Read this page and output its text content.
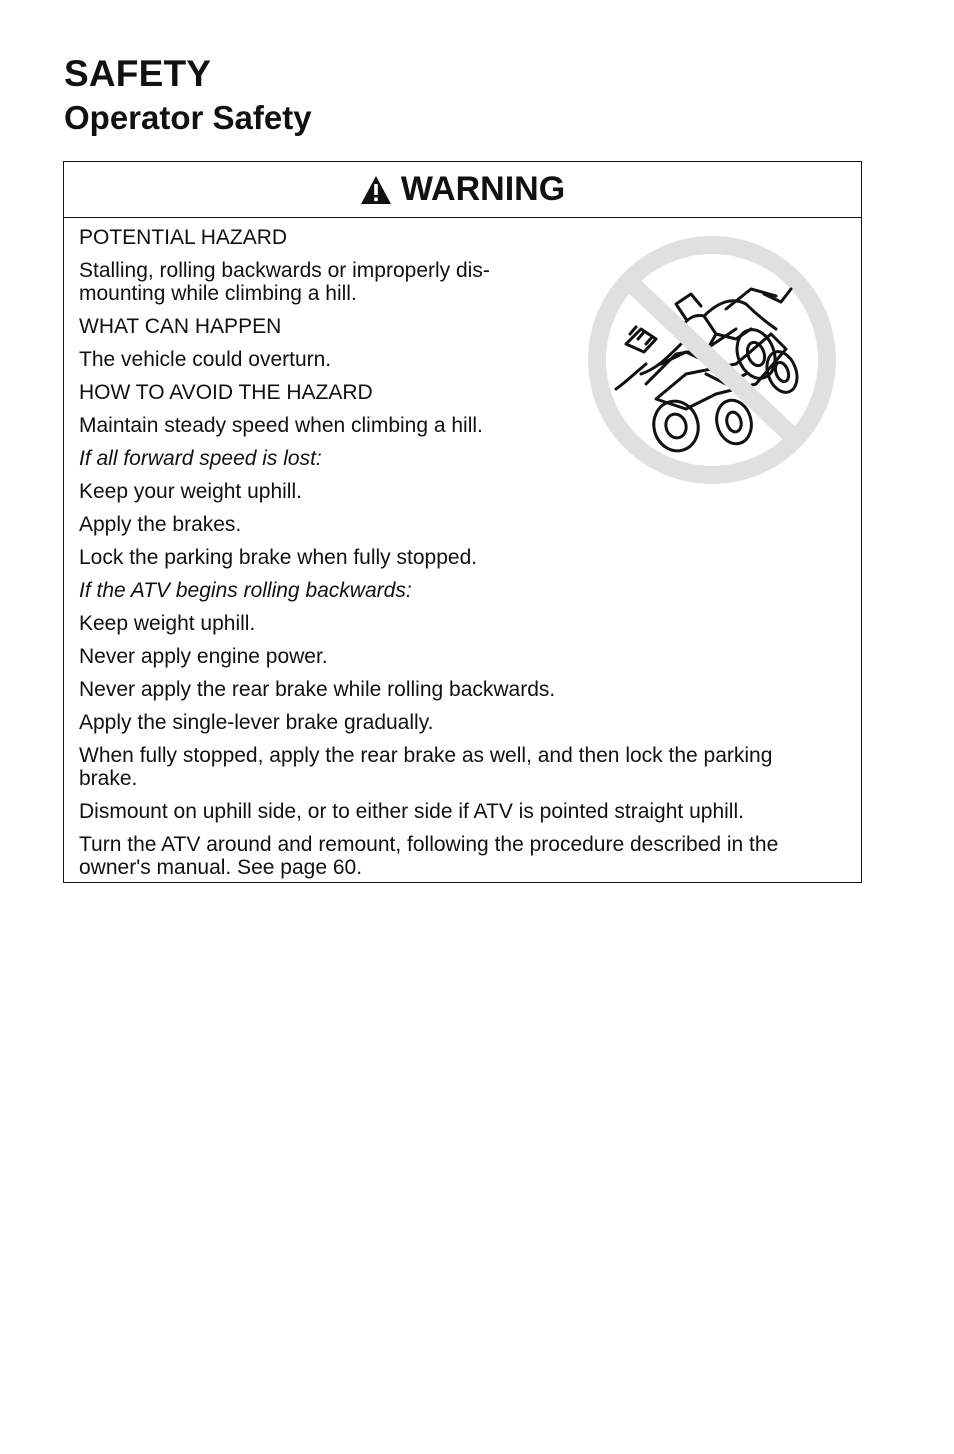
SAFETY
Operator Safety
WARNING
POTENTIAL HAZARD
Stalling, rolling backwards or improperly dis-
mounting while climbing a hill.
WHAT CAN HAPPEN
The vehicle could overturn.
HOW TO AVOID THE HAZARD
Maintain steady speed when climbing a hill.
If all forward speed is lost:
Keep your weight uphill.
Apply the brakes.
Lock the parking brake when fully stopped.
If the ATV begins rolling backwards:
Keep weight uphill.
Never apply engine power.
Never apply the rear brake while rolling backwards.
Apply the single-lever brake gradually.
When fully stopped, apply the rear brake as well, and then lock the parking
brake.
Dismount on uphill side, or to either side if ATV is pointed straight uphill.
Turn the ATV around and remount, following the procedure described in the
owner's manual. See page 60.
